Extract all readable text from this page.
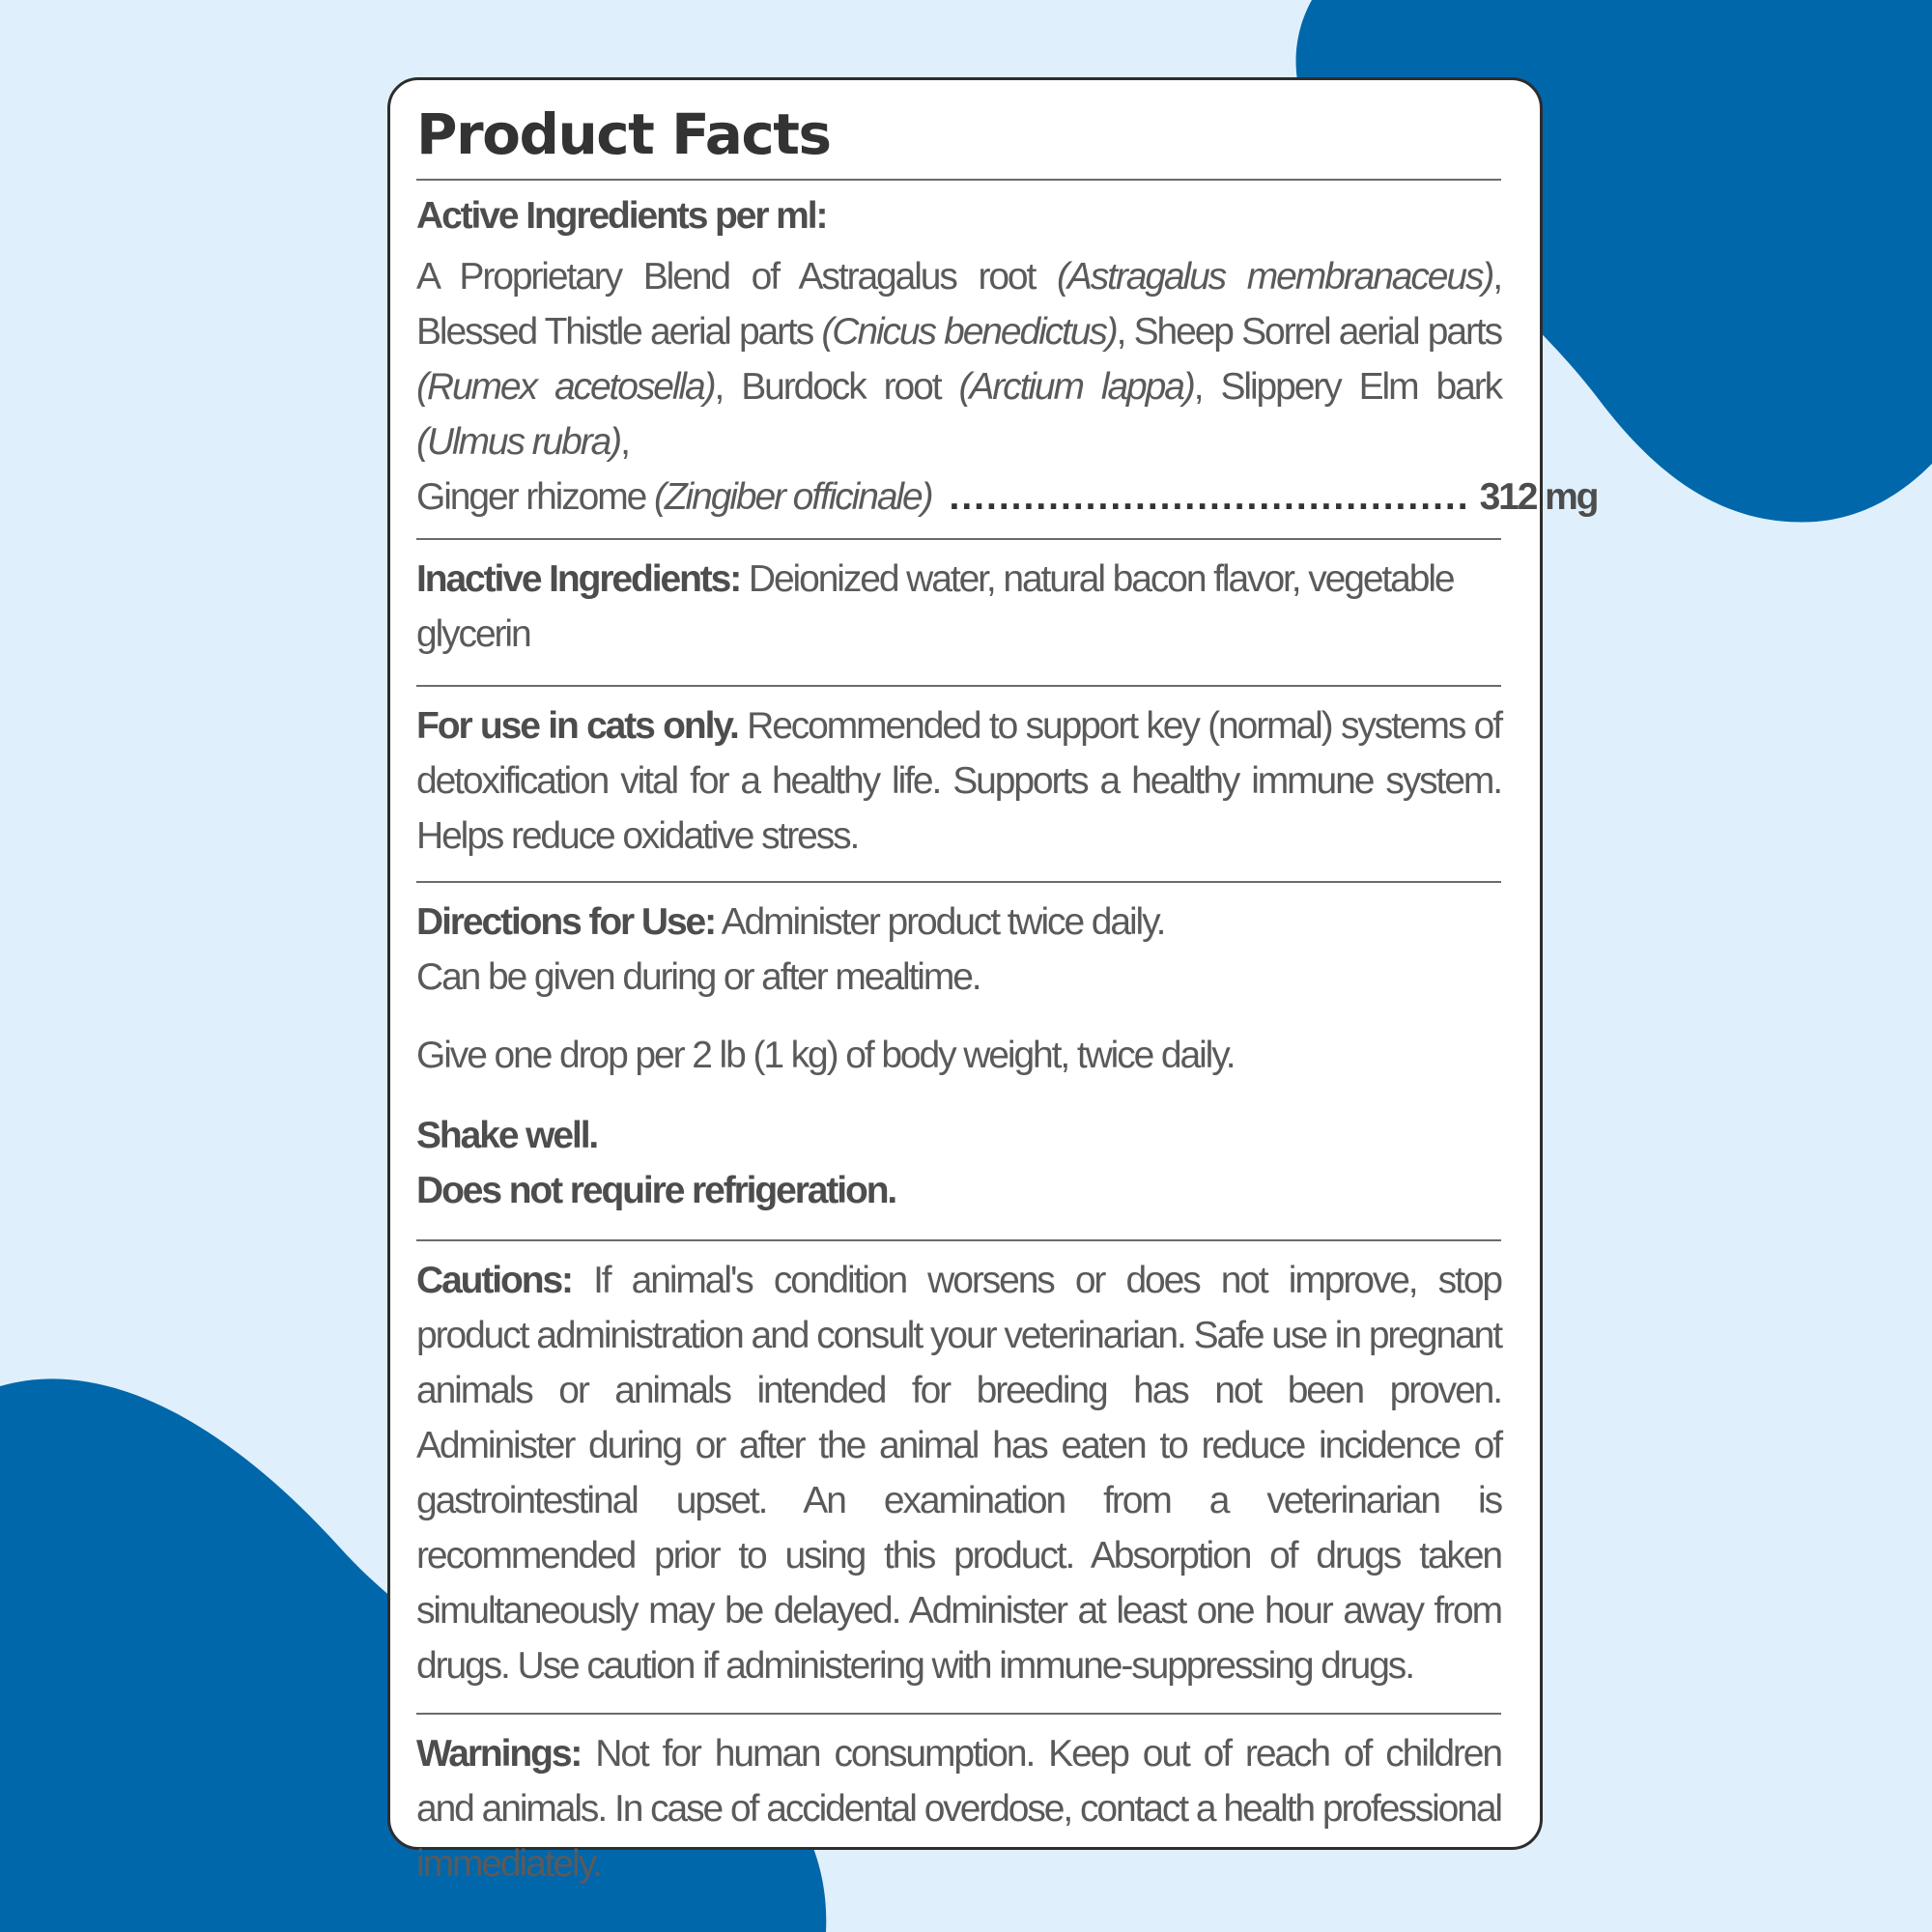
Product Facts

Active Ingredients per ml:

A Proprietary Blend of Astragalus root (Astragalus membranaceus), Blessed Thistle aerial parts (Cnicus benedictus), Sheep Sorrel aerial parts (Rumex acetosella), Burdock root (Arctium lappa), Slippery Elm bark (Ulmus rubra),

Ginger rhizome (Zingiber officinale) .......................................... 312 mg

Inactive Ingredients: Deionized water, natural bacon flavor, vegetable glycerin

For use in cats only. Recommended to support key (normal) systems of detoxification vital for a healthy life. Supports a healthy immune system. Helps reduce oxidative stress.

Directions for Use: Administer product twice daily.

Can be given during or after mealtime.

Give one drop per 2 lb (1 kg) of body weight, twice daily.

Shake well.

Does not require refrigeration.

Cautions: If animal's condition worsens or does not improve, stop product administration and consult your veterinarian. Safe use in pregnant animals or animals intended for breeding has not been proven. Administer during or after the animal has eaten to reduce incidence of gastrointestinal upset. An examination from a veterinarian is recommended prior to using this product. Absorption of drugs taken simultaneously may be delayed. Administer at least one hour away from drugs. Use caution if administering with immune-suppressing drugs.

Warnings: Not for human consumption. Keep out of reach of children and animals. In case of accidental overdose, contact a health professional immediately.
